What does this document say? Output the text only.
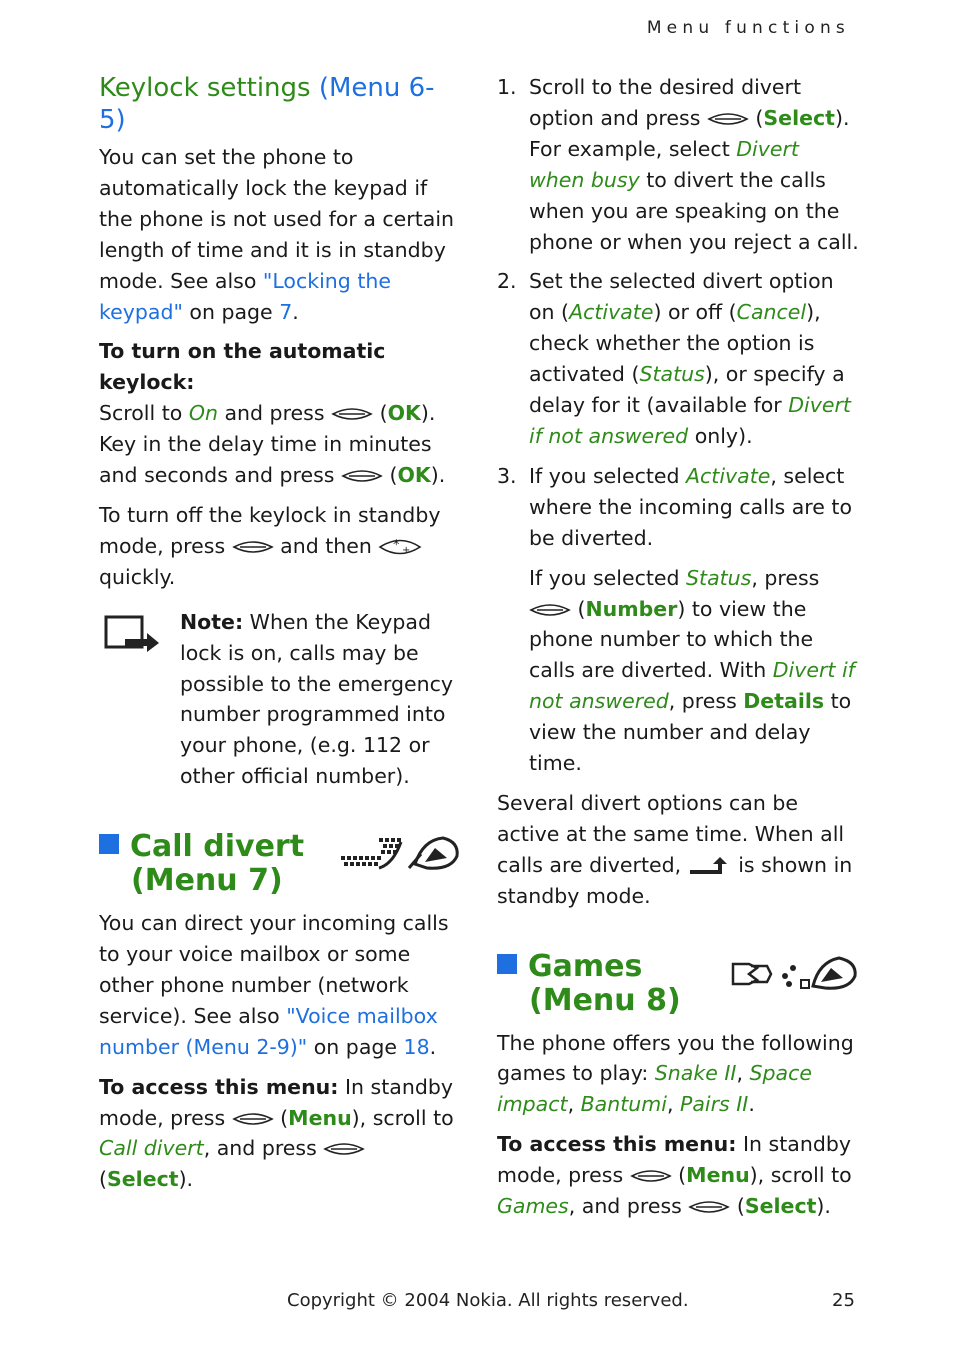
Menu functions
Keylock settings (Menu 6-5)

You can set the phone to automatically lock the keypad if the phone is not used for a certain length of time and it is in standby mode. See also "Locking the keypad" on page 7.

To turn on the automatic keylock:
Scroll to On and press  (OK).
Key in the delay time in minutes and seconds and press  (OK).

To turn off the keylock in standby mode, press  and then * +

quickly.

Note: When the Keypad lock is on, calls may be possible to the emergency number programmed into your phone, (e.g. 112 or other official number).
Call divert
(Menu 7)

You can direct your incoming calls to your voice mailbox or some other phone number (network service). See also "Voice mailbox number (Menu 2-9)" on page 18.

To access this menu: In standby mode, press  (Menu), scroll to Call divert, and press  (Select).

1. Scroll to the desired divert option and press  (Select). For example, select Divert when busy to divert the calls when you are speaking on the phone or when you reject a call.
2. Set the selected divert option on (Activate) or off (Cancel), check whether the option is activated (Status), or specify a delay for it (available for Divert if not answered only).
3. If you selected Activate, select where the incoming calls are to be diverted.

If you selected Status, press  (Number) to view the phone number to which the calls are diverted. With Divert if not answered, press Details to view the number and delay time.

Several divert options can be active at the same time. When all calls are diverted,  is shown in standby mode.

Games
(Menu 8)

The phone offers you the following games to play: Snake II, Space impact, Bantumi, Pairs II.

To access this menu: In standby mode, press  (Menu), scroll to Games, and press  (Select).

Copyright © 2004 Nokia. All rights reserved.	25
